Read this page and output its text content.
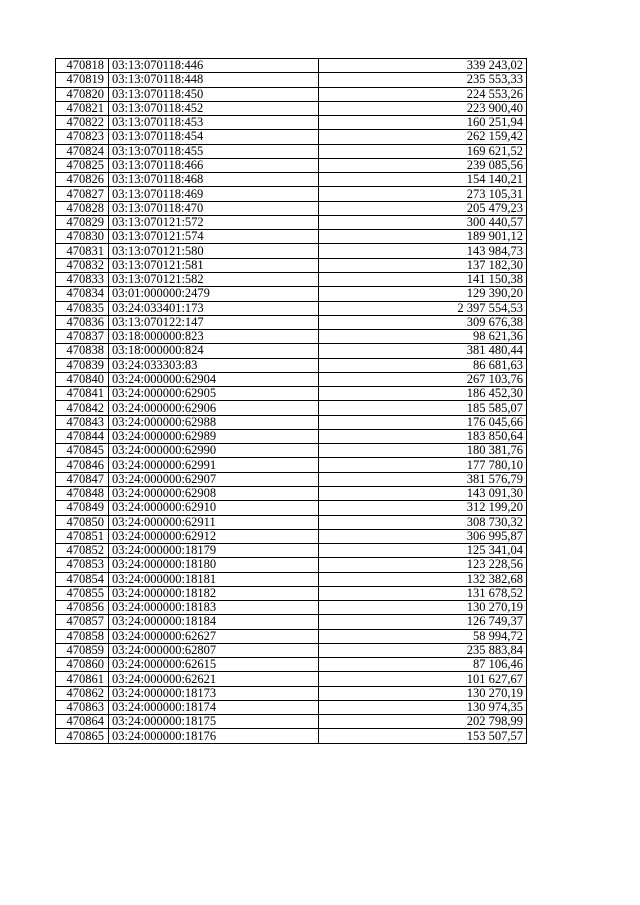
470818	03:13:070118:446	339 243,02
470819	03:13:070118:448	235 553,33
470820	03:13:070118:450	224 553,26
470821	03:13:070118:452	223 900,40
470822	03:13:070118:453	160 251,94
470823	03:13:070118:454	262 159,42
470824	03:13:070118:455	169 621,52
470825	03:13:070118:466	239 085,56
470826	03:13:070118:468	154 140,21
470827	03:13:070118:469	273 105,31
470828	03:13:070118:470	205 479,23
470829	03:13:070121:572	300 440,57
470830	03:13:070121:574	189 901,12
470831	03:13:070121:580	143 984,73
470832	03:13:070121:581	137 182,30
470833	03:13:070121:582	141 150,38
470834	03:01:000000:2479	129 390,20
470835	03:24:033401:173	2 397 554,53
470836	03:13:070122:147	309 676,38
470837	03:18:000000:823	98 621,36
470838	03:18:000000:824	381 480,44
470839	03:24:033303:83	86 681,63
470840	03:24:000000:62904	267 103,76
470841	03:24:000000:62905	186 452,30
470842	03:24:000000:62906	185 585,07
470843	03:24:000000:62988	176 045,66
470844	03:24:000000:62989	183 850,64
470845	03:24:000000:62990	180 381,76
470846	03:24:000000:62991	177 780,10
470847	03:24:000000:62907	381 576,79
470848	03:24:000000:62908	143 091,30
470849	03:24:000000:62910	312 199,20
470850	03:24:000000:62911	308 730,32
470851	03:24:000000:62912	306 995,87
470852	03:24:000000:18179	125 341,04
470853	03:24:000000:18180	123 228,56
470854	03:24:000000:18181	132 382,68
470855	03:24:000000:18182	131 678,52
470856	03:24:000000:18183	130 270,19
470857	03:24:000000:18184	126 749,37
470858	03:24:000000:62627	58 994,72
470859	03:24:000000:62807	235 883,84
470860	03:24:000000:62615	87 106,46
470861	03:24:000000:62621	101 627,67
470862	03:24:000000:18173	130 270,19
470863	03:24:000000:18174	130 974,35
470864	03:24:000000:18175	202 798,99
470865	03:24:000000:18176	153 507,57
